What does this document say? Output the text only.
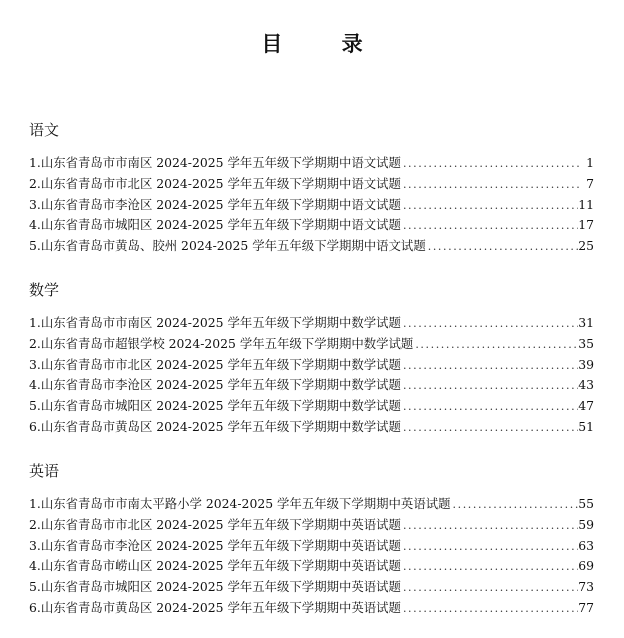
目 录
语文
1.山东省青岛市市南区 2024-2025 学年五年级下学期期中语文试题 .....	1
2.山东省青岛市市北区 2024-2025 学年五年级下学期期中语文试题 .....	7
3.山东省青岛市李沧区 2024-2025 学年五年级下学期期中语文试题 .....	11
4.山东省青岛市城阳区 2024-2025 学年五年级下学期期中语文试题 .....	17
5.山东省青岛市黄岛、胶州 2024-2025 学年五年级下学期期中语文试题 .....	25
数学
1.山东省青岛市市南区 2024-2025 学年五年级下学期期中数学试题 .....	31
2.山东省青岛市超银学校 2024-2025 学年五年级下学期期中数学试题 .....	35
3.山东省青岛市市北区 2024-2025 学年五年级下学期期中数学试题 .....	39
4.山东省青岛市李沧区 2024-2025 学年五年级下学期期中数学试题 .....	43
5.山东省青岛市城阳区 2024-2025 学年五年级下学期期中数学试题 .....	47
6.山东省青岛市黄岛区 2024-2025 学年五年级下学期期中数学试题 .....	51
英语
1.山东省青岛市市南太平路小学 2024-2025 学年五年级下学期期中英语试题 .....	55
2.山东省青岛市市北区 2024-2025 学年五年级下学期期中英语试题 .....	59
3.山东省青岛市李沧区 2024-2025 学年五年级下学期期中英语试题 .....	63
4.山东省青岛市崂山区 2024-2025 学年五年级下学期期中英语试题 .....	69
5.山东省青岛市城阳区 2024-2025 学年五年级下学期期中英语试题 .....	73
6.山东省青岛市黄岛区 2024-2025 学年五年级下学期期中英语试题 .....	77
